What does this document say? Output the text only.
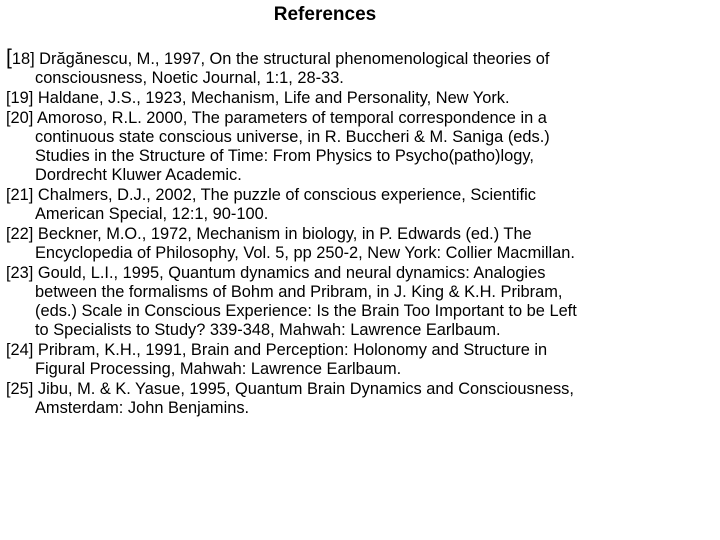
References
[18] Drăgănescu, M., 1997, On the structural phenomenological theories of
consciousness, Noetic Journal, 1:1, 28-33.
[19] Haldane, J.S., 1923, Mechanism, Life and Personality, New York.
[20] Amoroso, R.L. 2000, The parameters of temporal correspondence in a
continuous state conscious universe, in R. Buccheri & M. Saniga (eds.)
Studies in the Structure of Time: From Physics to Psycho(patho)logy,
Dordrecht Kluwer Academic.
[21] Chalmers, D.J., 2002, The puzzle of conscious experience, Scientific
American Special, 12:1, 90-100.
[22] Beckner, M.O., 1972, Mechanism in biology, in P. Edwards (ed.) The
Encyclopedia of Philosophy, Vol. 5, pp 250-2, New York: Collier Macmillan.
[23] Gould, L.I., 1995, Quantum dynamics and neural dynamics: Analogies
between the formalisms of Bohm and Pribram, in J. King & K.H. Pribram,
(eds.) Scale in Conscious Experience: Is the Brain Too Important to be Left
to Specialists to Study? 339-348, Mahwah: Lawrence Earlbaum.
[24] Pribram, K.H., 1991, Brain and Perception: Holonomy and Structure in
Figural Processing, Mahwah: Lawrence Earlbaum.
[25] Jibu, M. & K. Yasue, 1995, Quantum Brain Dynamics and Consciousness,
Amsterdam: John Benjamins.
